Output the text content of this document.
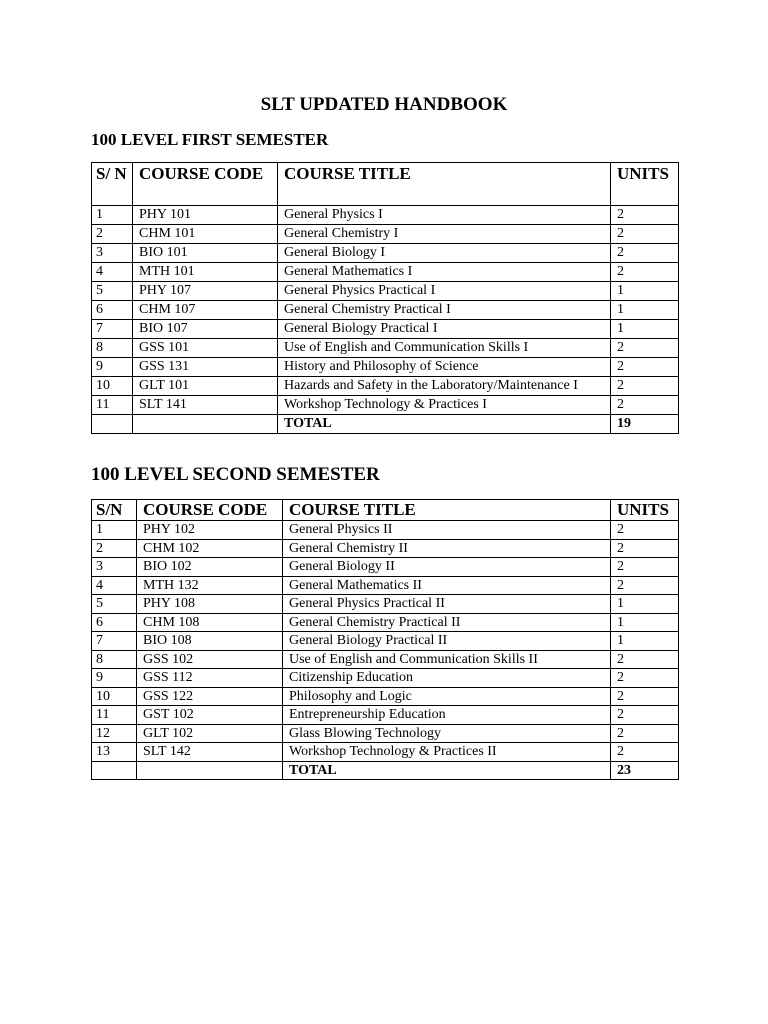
SLT UPDATED HANDBOOK
100 LEVEL FIRST SEMESTER
S/ N	COURSE CODE	COURSE TITLE	UNITS
1	PHY 101	General Physics I	2
2	CHM 101	General Chemistry I	2
3	BIO 101	General Biology I	2
4	MTH 101	General Mathematics I	2
5	PHY 107	General Physics Practical I	1
6	CHM 107	General Chemistry Practical I	1
7	BIO 107	General Biology Practical I	1
8	GSS 101	Use of English and Communication Skills I	2
9	GSS 131	History and Philosophy of Science	2
10	GLT 101	Hazards and Safety in the Laboratory/Maintenance I	2
11	SLT 141	Workshop Technology & Practices I	2
		TOTAL	19
100 LEVEL SECOND SEMESTER
S/N	COURSE CODE	COURSE TITLE	UNITS
1	PHY 102	General Physics II	2
2	CHM 102	General Chemistry II	2
3	BIO 102	General Biology II	2
4	MTH 132	General Mathematics II	2
5	PHY 108	General Physics Practical II	1
6	CHM 108	General Chemistry Practical II	1
7	BIO 108	General Biology Practical II	1
8	GSS 102	Use of English and Communication Skills II	2
9	GSS 112	Citizenship Education	2
10	GSS 122	Philosophy and Logic	2
11	GST 102	Entrepreneurship Education	2
12	GLT 102	Glass Blowing Technology	2
13	SLT 142	Workshop Technology & Practices II	2
		TOTAL	23
